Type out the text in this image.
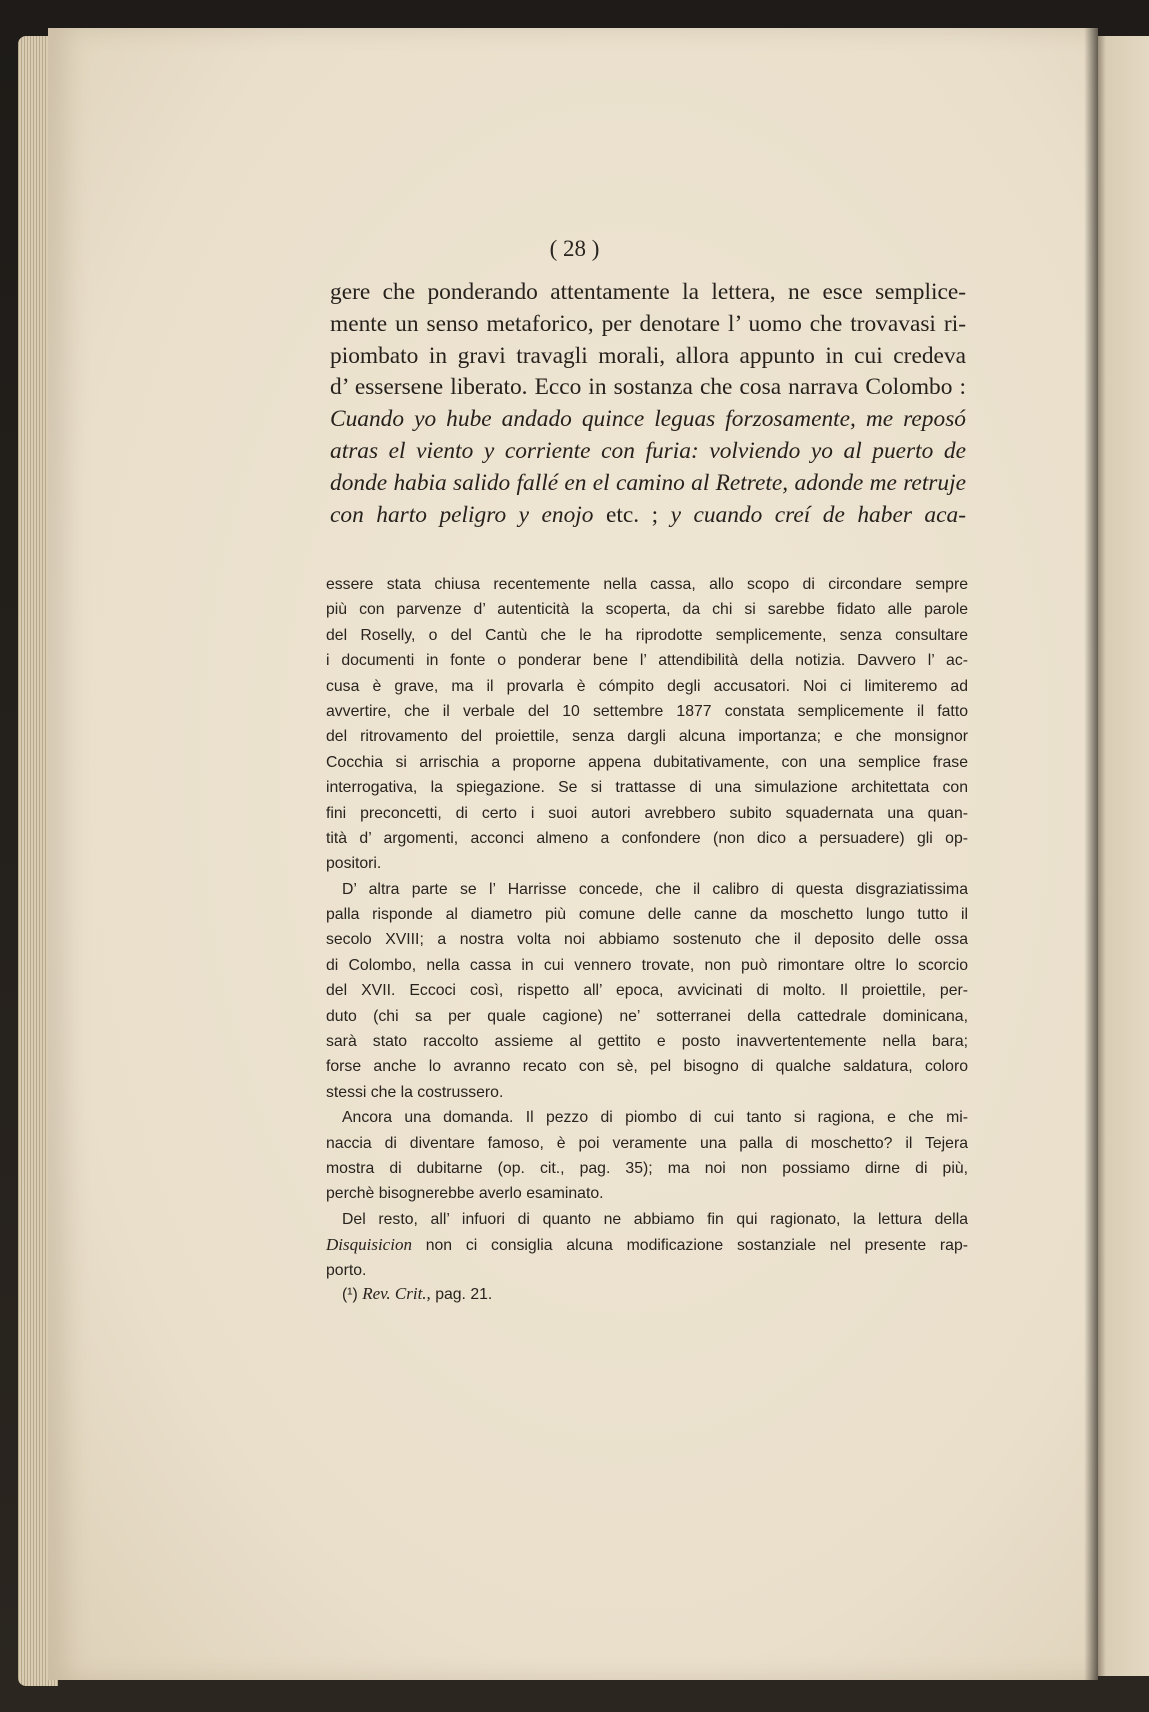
( 28 )
gere che ponderando attentamente la lettera, ne esce semplice-
mente un senso metaforico, per denotare l’ uomo che trovavasi ri-
piombato in gravi travagli morali, allora appunto in cui credeva
d’ essersene liberato. Ecco in sostanza che cosa narrava Colombo :
Cuando yo hube andado quince leguas forzosamente, me reposó
atras el viento y corriente con furia: volviendo yo al puerto de
donde habia salido fallé en el camino al Retrete, adonde me retruje
con harto peligro y enojo etc. ; y cuando creí de haber aca-
essere stata chiusa recentemente nella cassa, allo scopo di circondare sempre
più con parvenze d’ autenticità la scoperta, da chi si sarebbe fidato alle parole
del Roselly, o del Cantù che le ha riprodotte semplicemente, senza consultare
i documenti in fonte o ponderar bene l’ attendibilità della notizia. Davvero l’ ac-
cusa è grave, ma il provarla è cómpito degli accusatori. Noi ci limiteremo ad
avvertire, che il verbale del 10 settembre 1877 constata semplicemente il fatto
del ritrovamento del proiettile, senza dargli alcuna importanza; e che monsignor
Cocchia si arrischia a proporne appena dubitativamente, con una semplice frase
interrogativa, la spiegazione. Se si trattasse di una simulazione architettata con
fini preconcetti, di certo i suoi autori avrebbero subito squadernata una quan-
tità d’ argomenti, acconci almeno a confondere (non dico a persuadere) gli op-
positori.
D’ altra parte se l’ Harrisse concede, che il calibro di questa disgraziatissima
palla risponde al diametro più comune delle canne da moschetto lungo tutto il
secolo XVIII; a nostra volta noi abbiamo sostenuto che il deposito delle ossa
di Colombo, nella cassa in cui vennero trovate, non può rimontare oltre lo scorcio
del XVII. Eccoci così, rispetto all’ epoca, avvicinati di molto. Il proiettile, per-
duto (chi sa per quale cagione) ne’ sotterranei della cattedrale dominicana,
sarà stato raccolto assieme al gettito e posto inavvertentemente nella bara;
forse anche lo avranno recato con sè, pel bisogno di qualche saldatura, coloro
stessi che la costrussero.
Ancora una domanda. Il pezzo di piombo di cui tanto si ragiona, e che mi-
naccia di diventare famoso, è poi veramente una palla di moschetto? il Tejera
mostra di dubitarne (op. cit., pag. 35); ma noi non possiamo dirne di più,
perchè bisognerebbe averlo esaminato.
Del resto, all’ infuori di quanto ne abbiamo fin qui ragionato, la lettura della
Disquisicion non ci consiglia alcuna modificazione sostanziale nel presente rap-
porto.
(¹) Rev. Crit., pag. 21.
